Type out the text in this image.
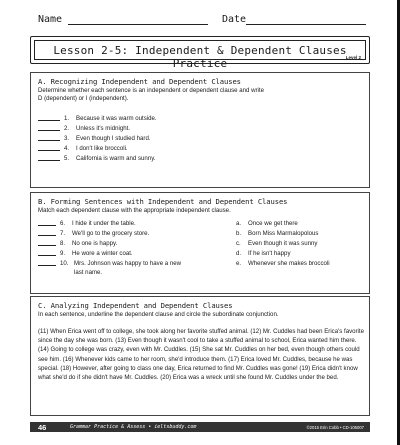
Name	Date
Lesson 2-5: Independent & Dependent Clauses Practice	Level 2
A. Recognizing Independent and Dependent Clauses
Determine whether each sentence is an independent or dependent clause and write
D (dependent) or I (independent).
1. Because it was warm outside.
2. Unless it's midnight.
3. Even though I studied hard.
4. I don't like broccoli.
5. California is warm and sunny.
B. Forming Sentences with Independent and Dependent Clauses
Match each dependent clause with the appropriate independent clause.
6. I hide it under the table.
7. We'll go to the grocery store.
8. No one is happy.
9. He wore a winter coat.
10. Mrs. Johnson was happy to have a new
last name.
a. Once we get there
b. Born Miss Marmalopolous
c. Even though it was sunny
d. If he isn't happy
e. Whenever she makes broccoli
C. Analyzing Independent and Dependent Clauses
In each sentence, underline the dependent clause and circle the subordinate conjunction.
(11) When Erica went off to college, she took along her favorite stuffed animal. (12) Mr. Cuddles had been Erica's favorite since the day she was born. (13) Even though it wasn't cool to take a stuffed animal to school, Erica wanted him there. (14) Going to college was crazy, even with Mr. Cuddles. (15) She sat Mr. Cuddles on her bed, even though others could see him. (16) Whenever kids came to her room, she'd introduce them. (17) Erica loved Mr. Cuddles, because he was special. (18) However, after going to class one day, Erica returned to find Mr. Cuddles was gone! (19) Erica didn't know what she'd do if she didn't have Mr. Cuddles. (20) Erica was a wreck until she found Mr. Cuddles under the bed.
46	Grammar Practice & Assess • ieltsbuddy.com	©2015 Erin Cobb • CD-105007
